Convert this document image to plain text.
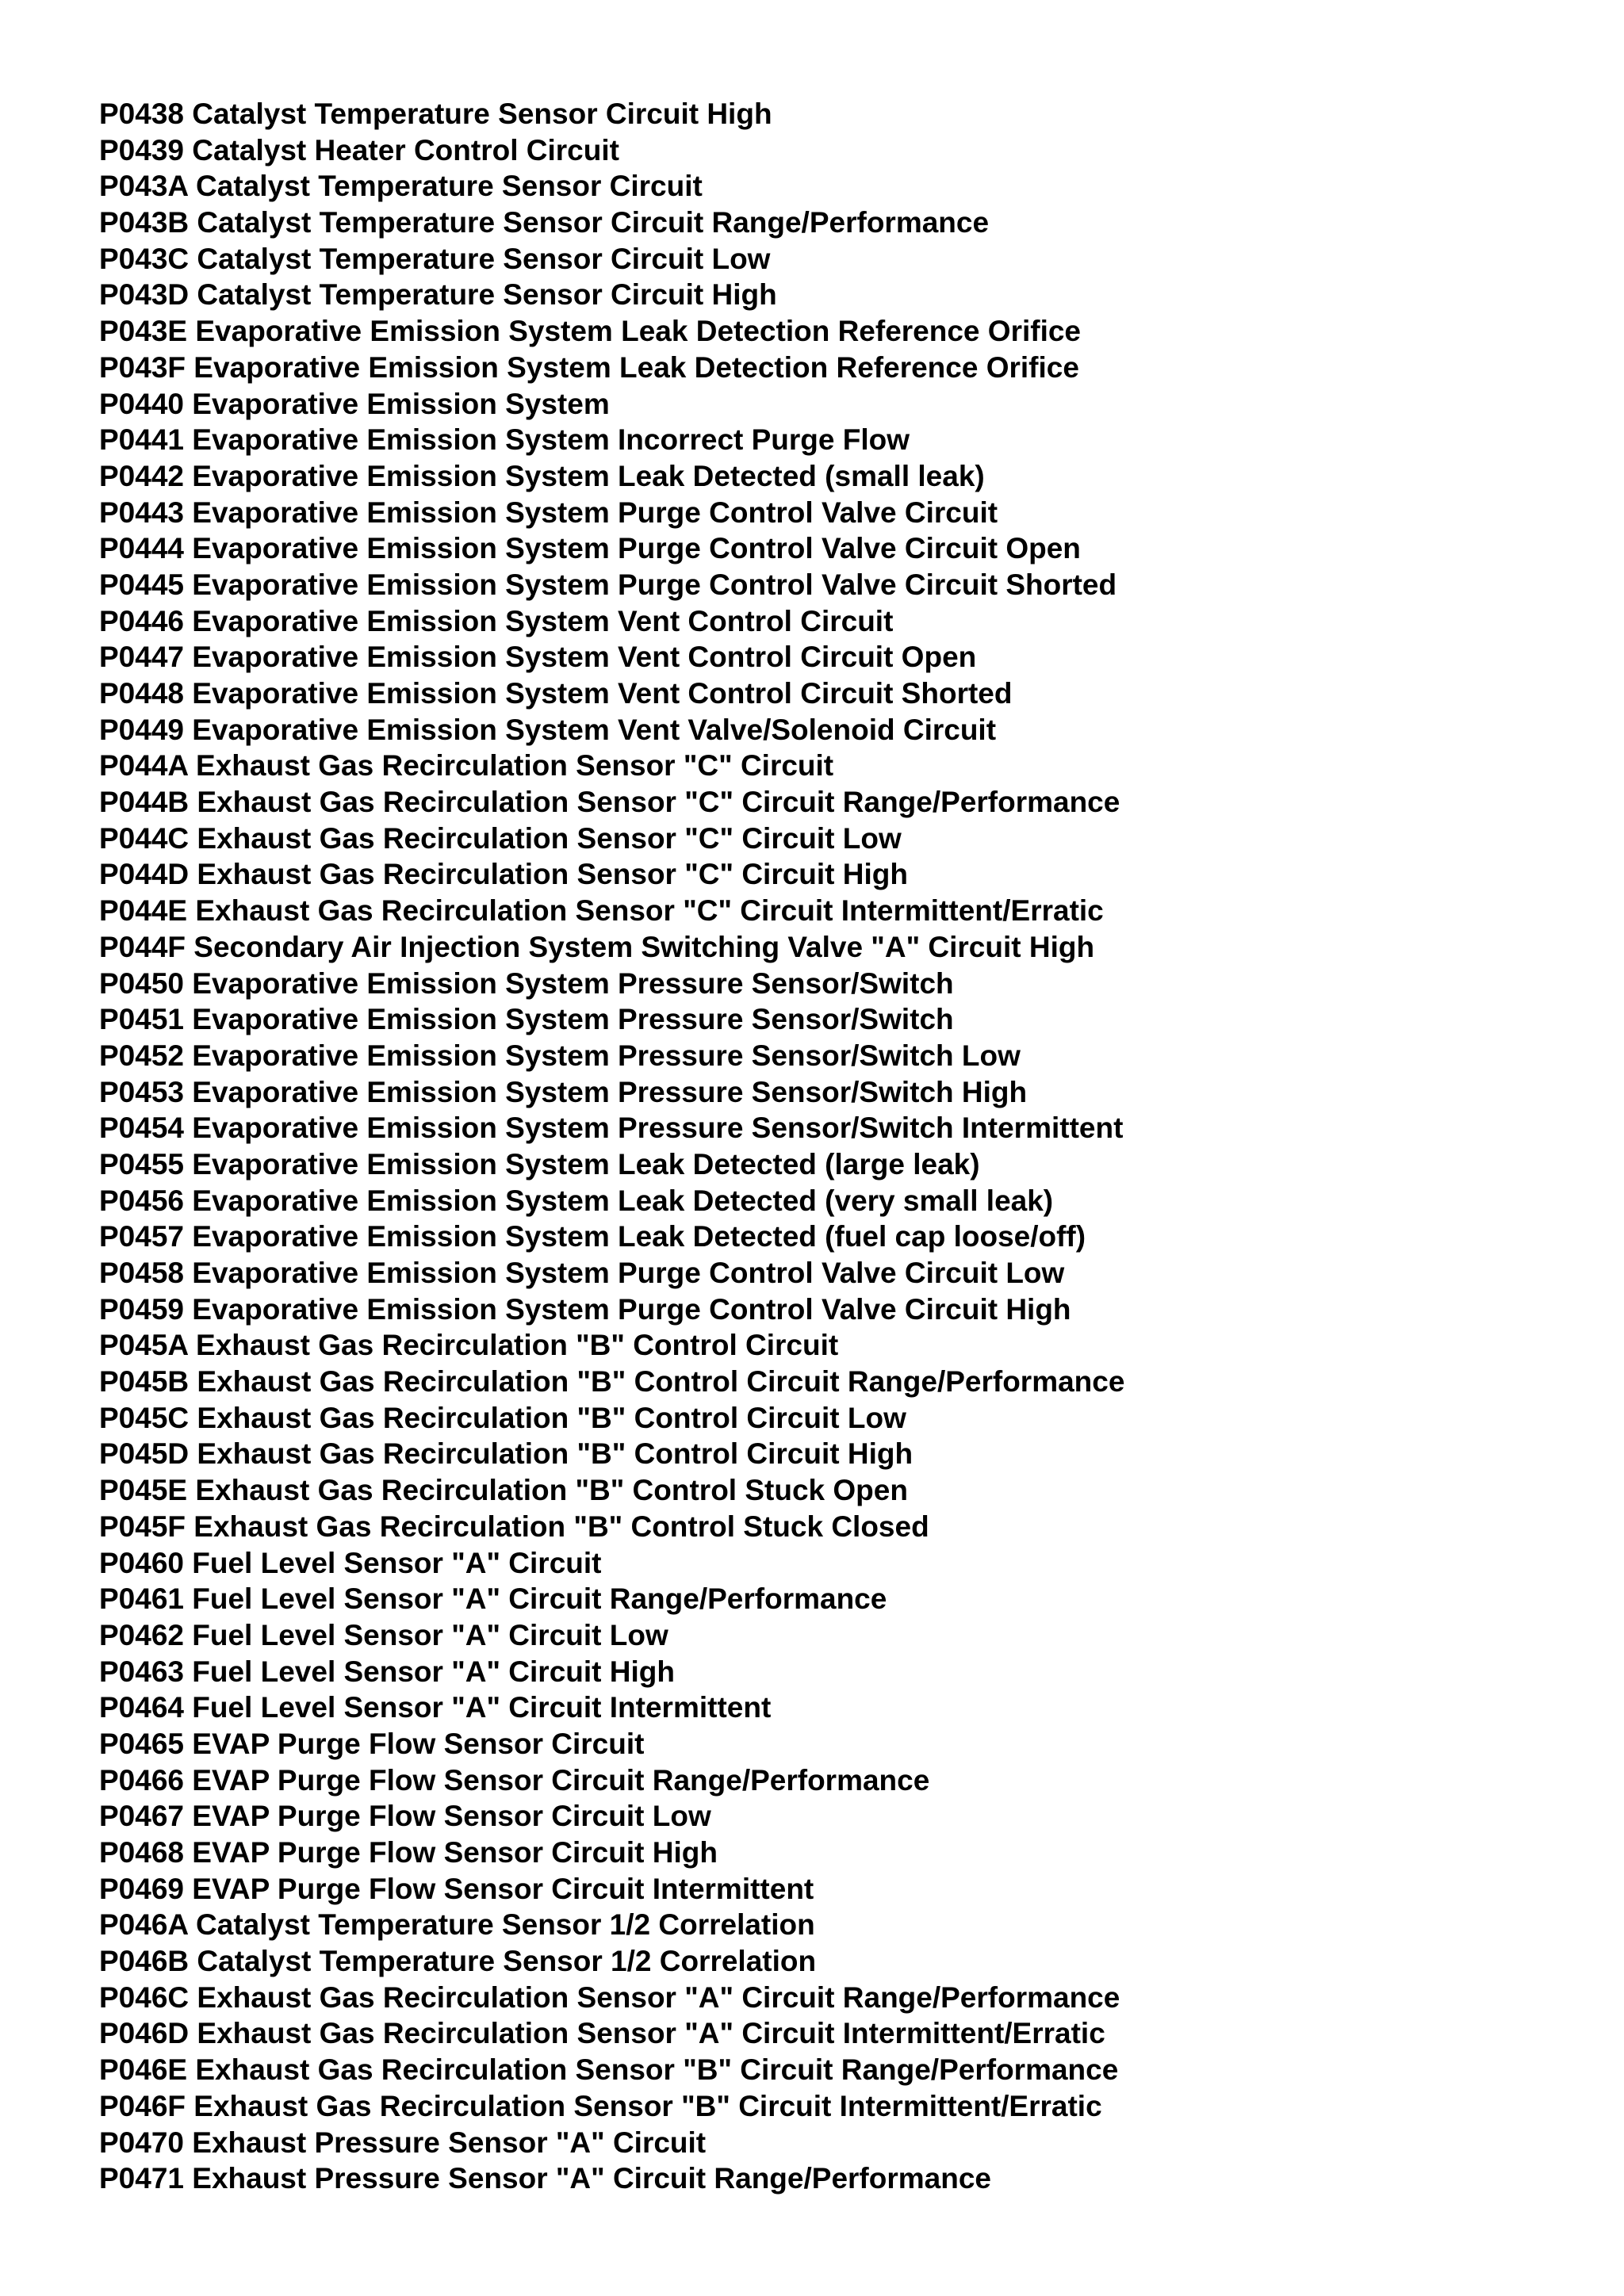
P0438 Catalyst Temperature Sensor Circuit High
P0439 Catalyst Heater Control Circuit
P043A Catalyst Temperature Sensor Circuit
P043B Catalyst Temperature Sensor Circuit Range/Performance
P043C Catalyst Temperature Sensor Circuit Low
P043D Catalyst Temperature Sensor Circuit High
P043E Evaporative Emission System Leak Detection Reference Orifice
P043F Evaporative Emission System Leak Detection Reference Orifice
P0440 Evaporative Emission System
P0441 Evaporative Emission System Incorrect Purge Flow
P0442 Evaporative Emission System Leak Detected (small leak)
P0443 Evaporative Emission System Purge Control Valve Circuit
P0444 Evaporative Emission System Purge Control Valve Circuit Open
P0445 Evaporative Emission System Purge Control Valve Circuit Shorted
P0446 Evaporative Emission System Vent Control Circuit
P0447 Evaporative Emission System Vent Control Circuit Open
P0448 Evaporative Emission System Vent Control Circuit Shorted
P0449 Evaporative Emission System Vent Valve/Solenoid Circuit
P044A Exhaust Gas Recirculation Sensor "C" Circuit
P044B Exhaust Gas Recirculation Sensor "C" Circuit Range/Performance
P044C Exhaust Gas Recirculation Sensor "C" Circuit Low
P044D Exhaust Gas Recirculation Sensor "C" Circuit High
P044E Exhaust Gas Recirculation Sensor "C" Circuit Intermittent/Erratic
P044F Secondary Air Injection System Switching Valve "A" Circuit High
P0450 Evaporative Emission System Pressure Sensor/Switch
P0451 Evaporative Emission System Pressure Sensor/Switch
P0452 Evaporative Emission System Pressure Sensor/Switch Low
P0453 Evaporative Emission System Pressure Sensor/Switch High
P0454 Evaporative Emission System Pressure Sensor/Switch Intermittent
P0455 Evaporative Emission System Leak Detected (large leak)
P0456 Evaporative Emission System Leak Detected (very small leak)
P0457 Evaporative Emission System Leak Detected (fuel cap loose/off)
P0458 Evaporative Emission System Purge Control Valve Circuit Low
P0459 Evaporative Emission System Purge Control Valve Circuit High
P045A Exhaust Gas Recirculation "B" Control Circuit
P045B Exhaust Gas Recirculation "B" Control Circuit Range/Performance
P045C Exhaust Gas Recirculation "B" Control Circuit Low
P045D Exhaust Gas Recirculation "B" Control Circuit High
P045E Exhaust Gas Recirculation "B" Control Stuck Open
P045F Exhaust Gas Recirculation "B" Control Stuck Closed
P0460 Fuel Level Sensor "A" Circuit
P0461 Fuel Level Sensor "A" Circuit Range/Performance
P0462 Fuel Level Sensor "A" Circuit Low
P0463 Fuel Level Sensor "A" Circuit High
P0464 Fuel Level Sensor "A" Circuit Intermittent
P0465 EVAP Purge Flow Sensor Circuit
P0466 EVAP Purge Flow Sensor Circuit Range/Performance
P0467 EVAP Purge Flow Sensor Circuit Low
P0468 EVAP Purge Flow Sensor Circuit High
P0469 EVAP Purge Flow Sensor Circuit Intermittent
P046A Catalyst Temperature Sensor 1/2 Correlation
P046B Catalyst Temperature Sensor 1/2 Correlation
P046C Exhaust Gas Recirculation Sensor "A" Circuit Range/Performance
P046D Exhaust Gas Recirculation Sensor "A" Circuit Intermittent/Erratic
P046E Exhaust Gas Recirculation Sensor "B" Circuit Range/Performance
P046F Exhaust Gas Recirculation Sensor "B" Circuit Intermittent/Erratic
P0470 Exhaust Pressure Sensor "A" Circuit
P0471 Exhaust Pressure Sensor "A" Circuit Range/Performance
